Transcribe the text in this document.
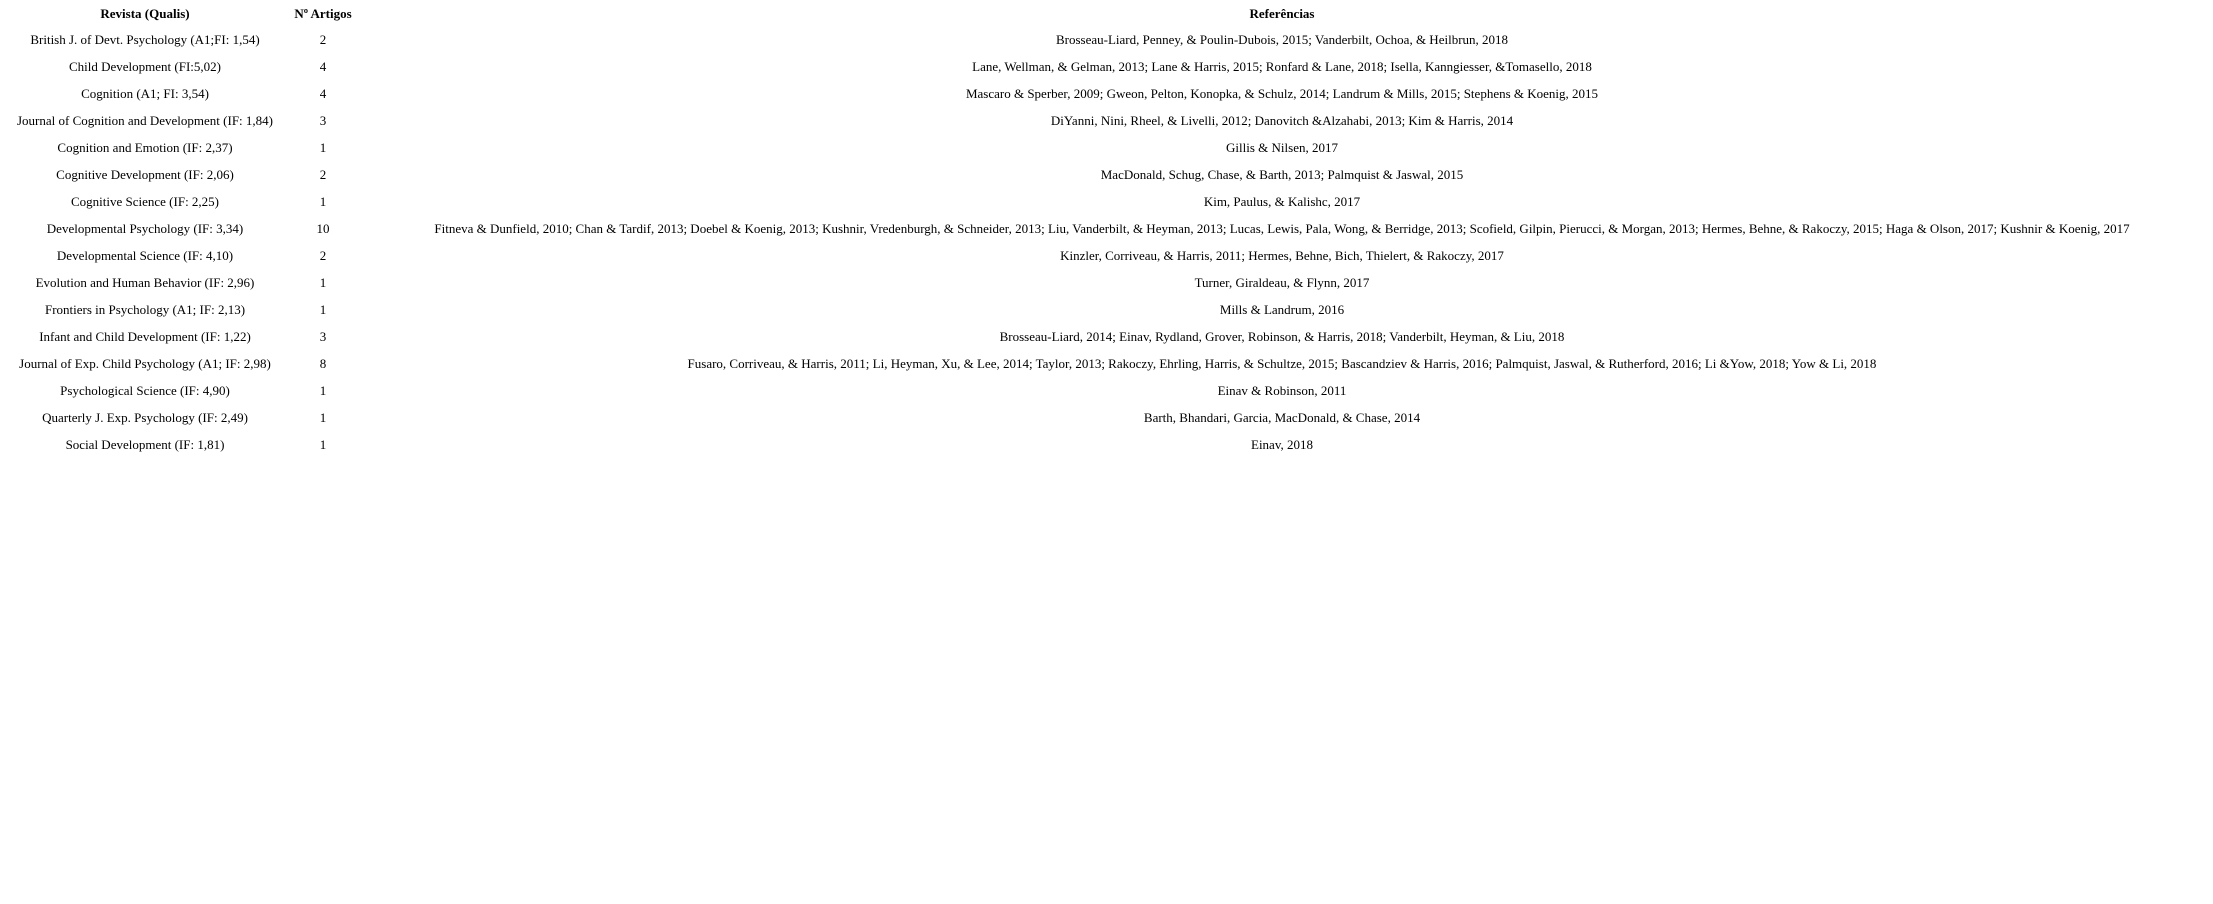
Revista (Qualis)	Nº Artigos	Referências
British J. of Devt. Psychology (A1;FI: 1,54)	2	Brosseau-Liard, Penney, & Poulin-Dubois, 2015; Vanderbilt, Ochoa, & Heilbrun, 2018
Child Development (FI:5,02)	4	Lane, Wellman, & Gelman, 2013; Lane & Harris, 2015; Ronfard & Lane, 2018; Isella, Kanngiesser, &Tomasello, 2018
Cognition (A1; FI: 3,54)	4	Mascaro & Sperber, 2009; Gweon, Pelton, Konopka, & Schulz, 2014; Landrum & Mills, 2015; Stephens & Koenig, 2015
Journal of Cognition and Development (IF: 1,84)	3	DiYanni, Nini, Rheel, & Livelli, 2012; Danovitch &Alzahabi, 2013; Kim & Harris, 2014
Cognition and Emotion (IF: 2,37)	1	Gillis & Nilsen, 2017
Cognitive Development (IF: 2,06)	2	MacDonald, Schug, Chase, & Barth, 2013; Palmquist & Jaswal, 2015
Cognitive Science (IF: 2,25)	1	Kim, Paulus, & Kalishc, 2017
Developmental Psychology (IF: 3,34)	10	Fitneva & Dunfield, 2010; Chan & Tardif, 2013; Doebel & Koenig, 2013; Kushnir, Vredenburgh, & Schneider, 2013; Liu, Vanderbilt, & Heyman, 2013; Lucas, Lewis, Pala, Wong, & Berridge, 2013; Scofield, Gilpin, Pierucci, & Morgan, 2013; Hermes, Behne, & Rakoczy, 2015; Haga & Olson, 2017; Kushnir & Koenig, 2017
Developmental Science (IF: 4,10)	2	Kinzler, Corriveau, & Harris, 2011; Hermes, Behne, Bich, Thielert, & Rakoczy, 2017
Evolution and Human Behavior (IF: 2,96)	1	Turner, Giraldeau, & Flynn, 2017
Frontiers in Psychology (A1; IF: 2,13)	1	Mills & Landrum, 2016
Infant and Child Development (IF: 1,22)	3	Brosseau-Liard, 2014; Einav, Rydland, Grover, Robinson, & Harris, 2018; Vanderbilt, Heyman, & Liu, 2018
Journal of Exp. Child Psychology (A1; IF: 2,98)	8	Fusaro, Corriveau, & Harris, 2011; Li, Heyman, Xu, & Lee, 2014; Taylor, 2013; Rakoczy, Ehrling, Harris, & Schultze, 2015; Bascandziev & Harris, 2016; Palmquist, Jaswal, & Rutherford, 2016; Li &Yow, 2018; Yow & Li, 2018
Psychological Science (IF: 4,90)	1	Einav & Robinson, 2011
Quarterly J. Exp. Psychology (IF: 2,49)	1	Barth, Bhandari, Garcia, MacDonald, & Chase, 2014
Social Development (IF: 1,81)	1	Einav, 2018
